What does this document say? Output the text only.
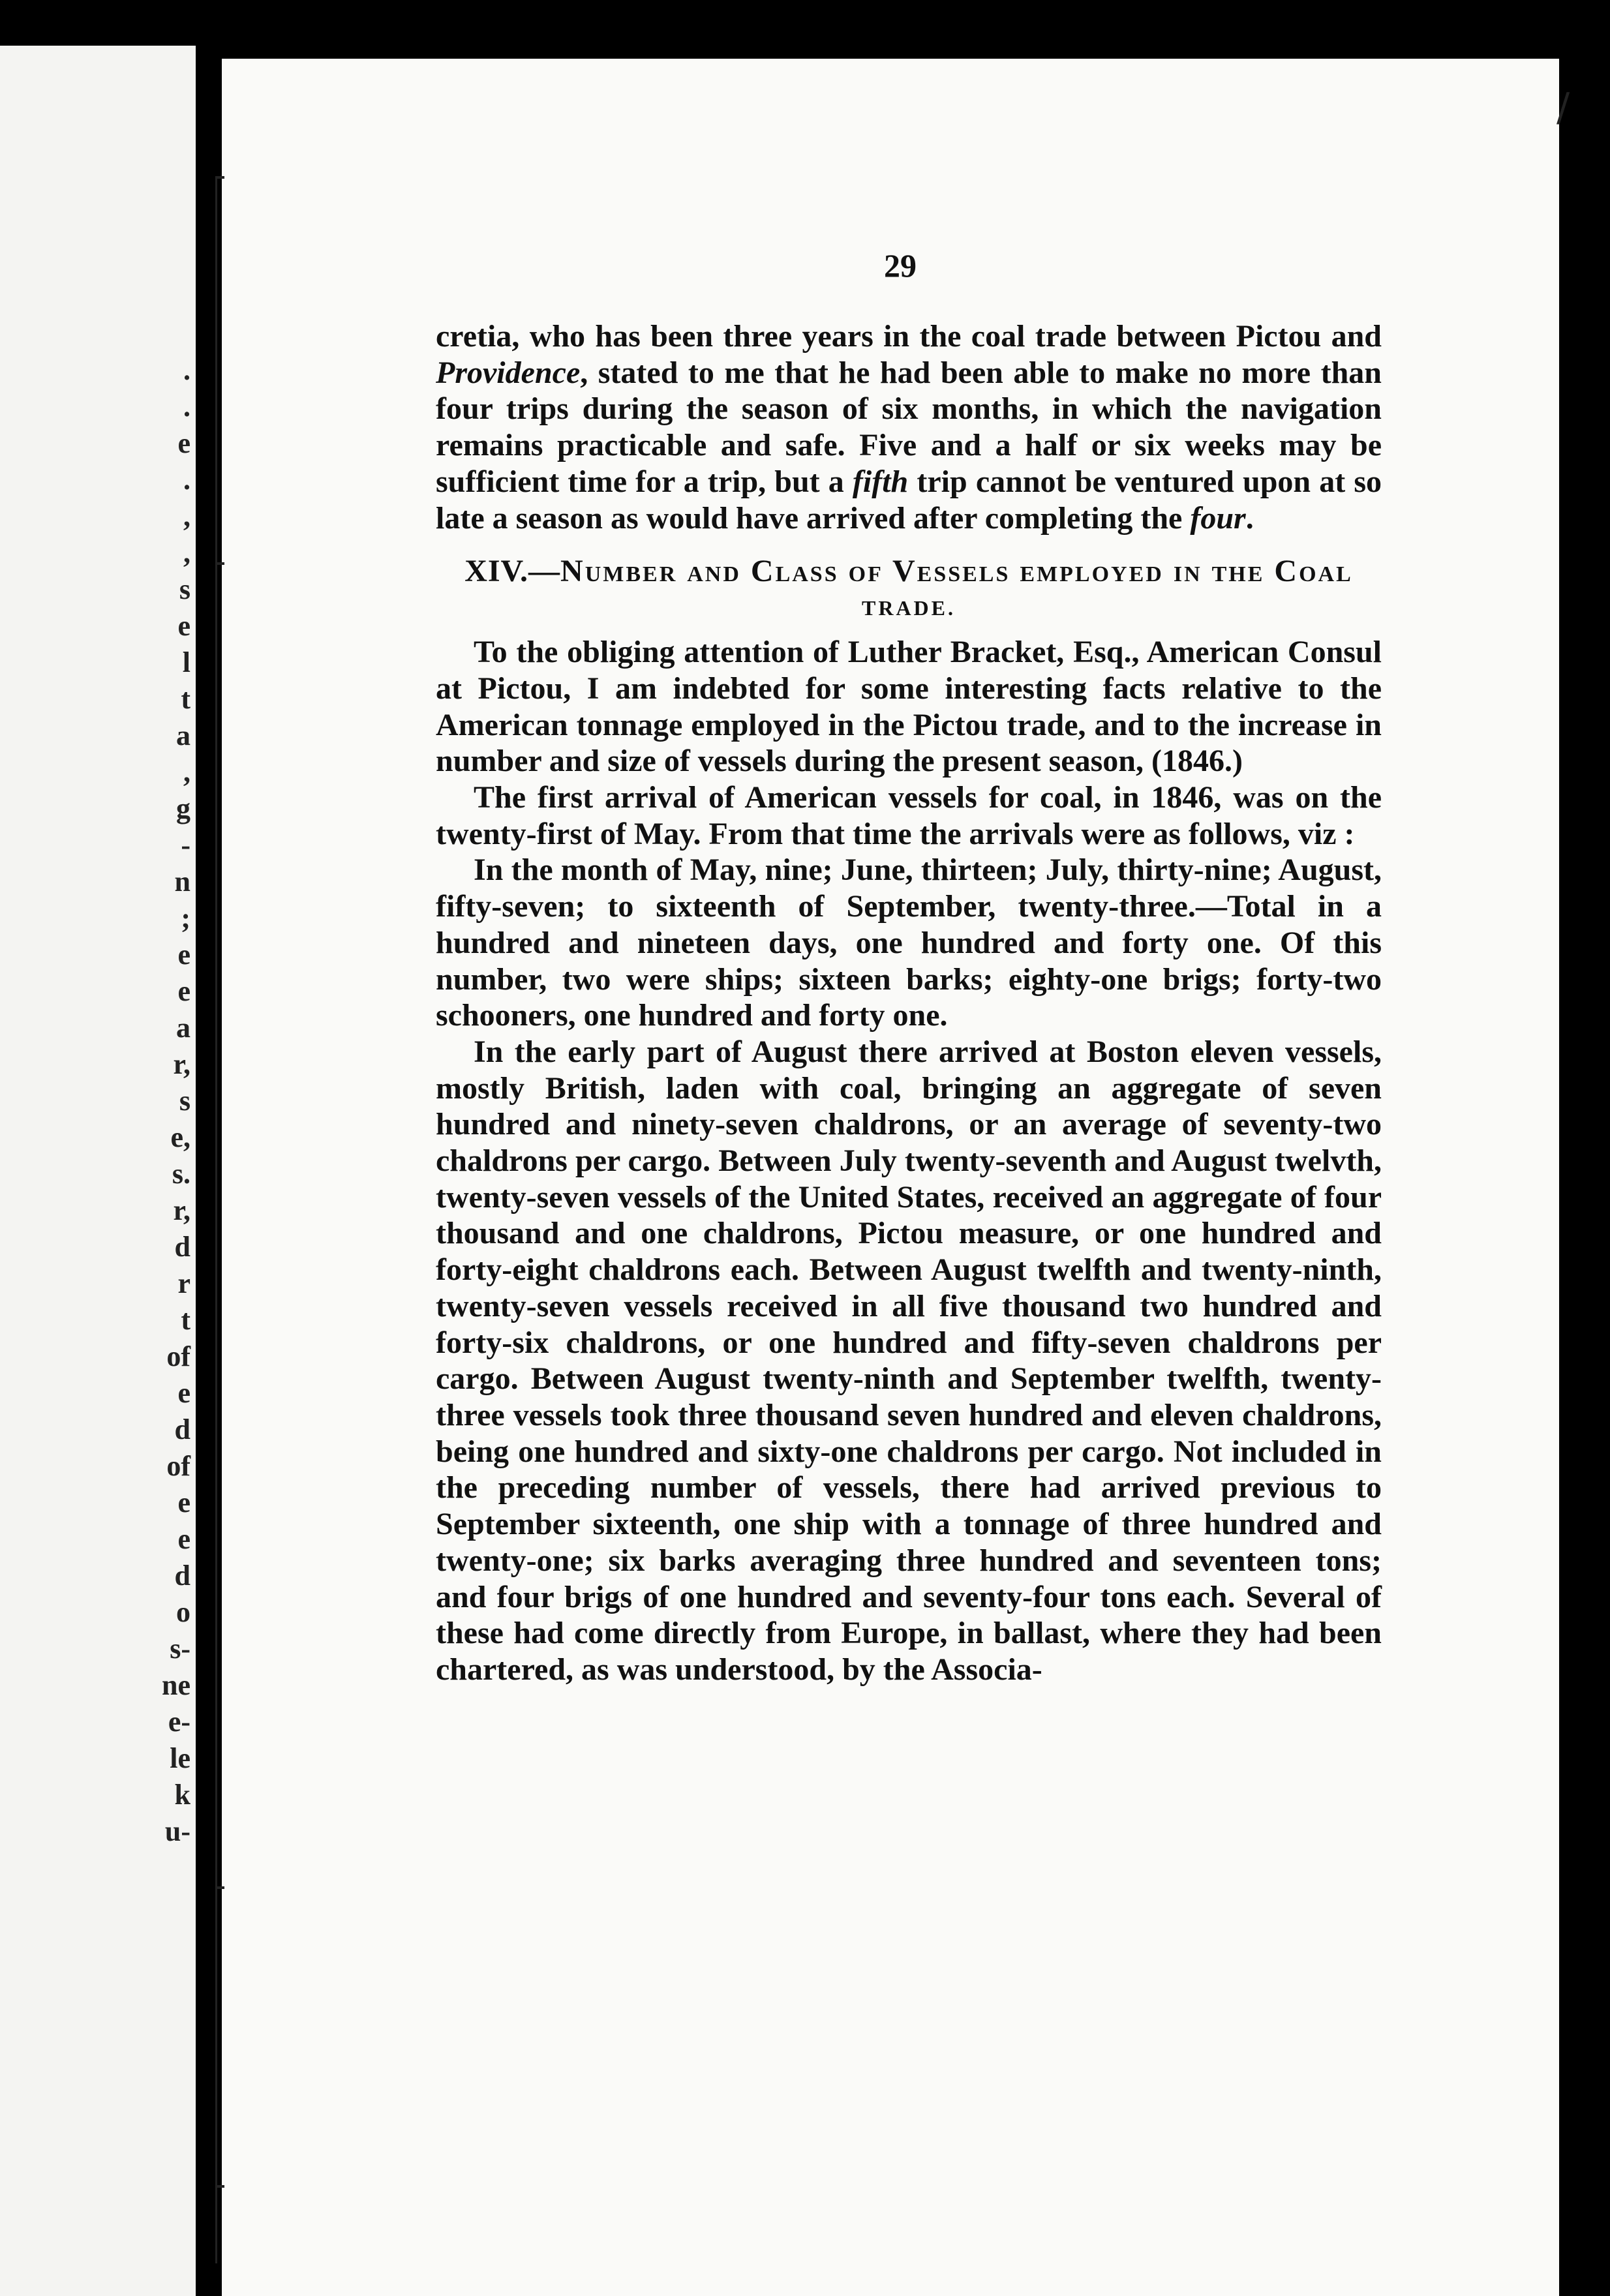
.
.
e
.
,
,
s
e
l
t
a
,
g
-
n
;
e
e
a
r,
s
e,
s.
r,
d
r
t
of
e
d
of
e
e
d
o
s-
ne
e-
le
k
u-
/
29

cretia, who has been three years in the coal trade between Pictou and Providence, stated to me that he had been able to make no more than four trips during the season of six months, in which the navigation remains practicable and safe. Five and a half or six weeks may be sufficient time for a trip, but a fifth trip cannot be ventured upon at so late a season as would have arrived after completing the four.

XIV.—Number and Class of Vessels employed in the Coal
TRADE.

To the obliging attention of Luther Bracket, Esq., American Consul at Pictou, I am indebted for some interesting facts relative to the American tonnage employed in the Pictou trade, and to the increase in number and size of vessels during the present season, (1846.)

The first arrival of American vessels for coal, in 1846, was on the twenty-first of May. From that time the arrivals were as follows, viz :

In the month of May, nine; June, thirteen; July, thirty-nine; August, fifty-seven; to sixteenth of September, twenty-three.—Total in a hundred and nineteen days, one hundred and forty one. Of this number, two were ships; sixteen barks; eighty-one brigs; forty-two schooners, one hundred and forty one.

In the early part of August there arrived at Boston eleven vessels, mostly British, laden with coal, bringing an aggregate of seven hundred and ninety-seven chaldrons, or an average of seventy-two chaldrons per cargo. Between July twenty-seventh and August twelvth, twenty-seven vessels of the United States, received an aggregate of four thousand and one chaldrons, Pictou measure, or one hundred and forty-eight chaldrons each. Between August twelfth and twenty-ninth, twenty-seven vessels received in all five thousand two hundred and forty-six chaldrons, or one hundred and fifty-seven chaldrons per cargo. Between August twenty-ninth and September twelfth, twenty-three vessels took three thousand seven hundred and eleven chaldrons, being one hundred and sixty-one chaldrons per cargo. Not included in the preceding number of vessels, there had arrived previous to September sixteenth, one ship with a tonnage of three hundred and twenty-one; six barks averaging three hundred and seventeen tons; and four brigs of one hundred and seventy-four tons each. Several of these had come directly from Europe, in ballast, where they had been chartered, as was understood, by the Associa-
